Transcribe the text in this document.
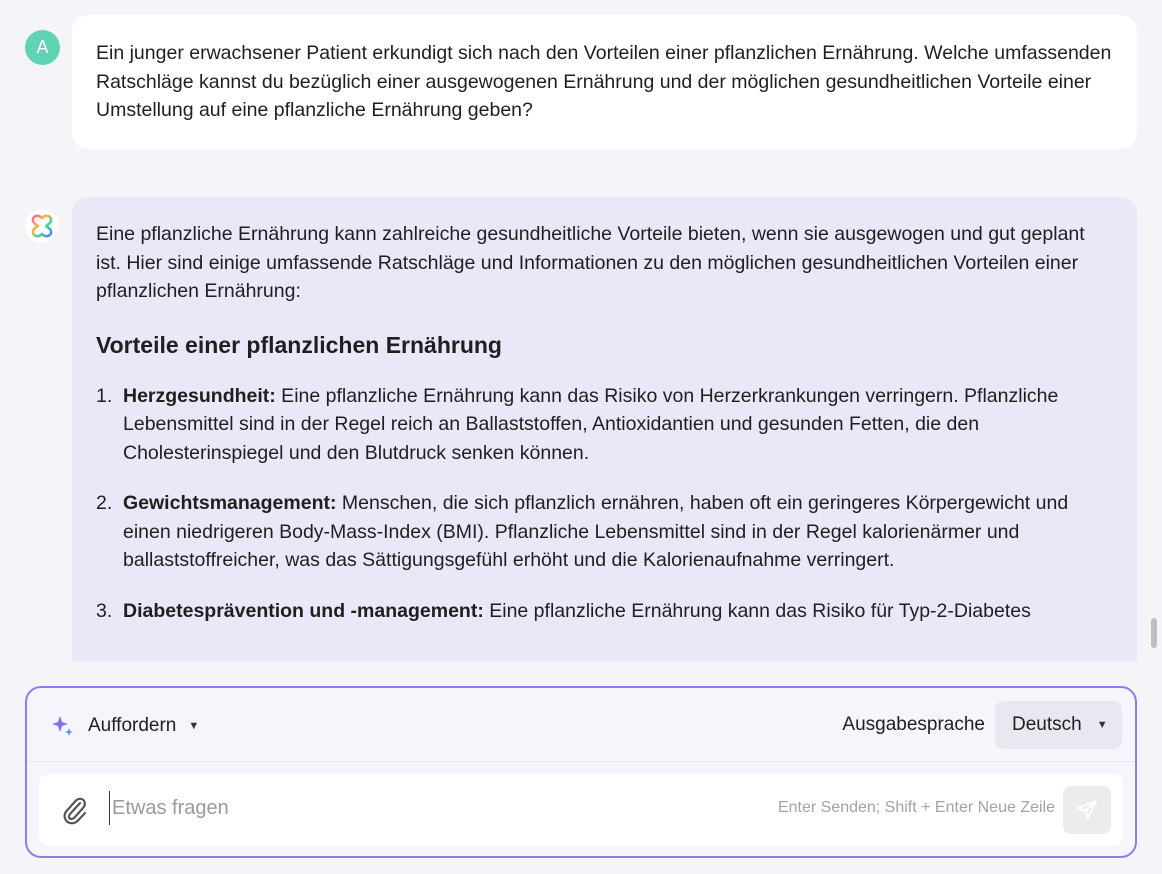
A Ein junger erwachsener Patient erkundigt sich nach den Vorteilen einer pflanzlichen Ernährung. Welche umfassenden Ratschläge kannst du bezüglich einer ausgewogenen Ernährung und der möglichen gesundheitlichen Vorteile einer Umstellung auf eine pflanzliche Ernährung geben?

Eine pflanzliche Ernährung kann zahlreiche gesundheitliche Vorteile bieten, wenn sie ausgewogen und gut geplant ist. Hier sind einige umfassende Ratschläge und Informationen zu den möglichen gesundheitlichen Vorteilen einer pflanzlichen Ernährung:

Vorteile einer pflanzlichen Ernährung
1. Herzgesundheit: Eine pflanzliche Ernährung kann das Risiko von Herzerkrankungen verringern. Pflanzliche Lebensmittel sind in der Regel reich an Ballaststoffen, Antioxidantien und gesunden Fetten, die den Cholesterinspiegel und den Blutdruck senken können.
2. Gewichtsmanagement: Menschen, die sich pflanzlich ernähren, haben oft ein geringeres Körpergewicht und einen niedrigeren Body-Mass-Index (BMI). Pflanzliche Lebensmittel sind in der Regel kalorienärmer und ballaststoffreicher, was das Sättigungsgefühl erhöht und die Kalorienaufnahme verringert.
3. Diabetesprävention und -management: Eine pflanzliche Ernährung kann das Risiko für Typ-2-Diabetes
Auffordern ▼	Ausgabesprache Deutsch ▼
Etwas fragen
Enter Senden; Shift + Enter Neue Zeile
